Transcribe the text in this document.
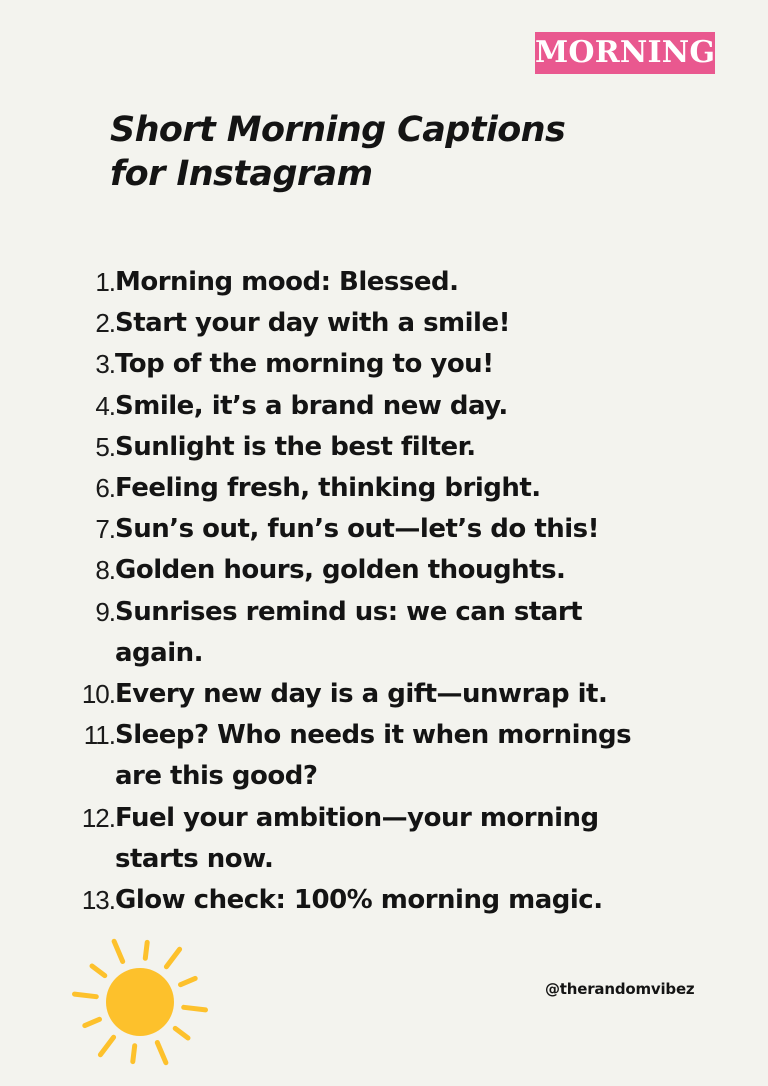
MORNING
Short Morning Captions
for Instagram
1. Morning mood: Blessed.
2. Start your day with a smile!
3. Top of the morning to you!
4. Smile, it’s a brand new day.
5. Sunlight is the best filter.
6. Feeling fresh, thinking bright.
7. Sun’s out, fun’s out—let’s do this!
8. Golden hours, golden thoughts.
9. Sunrises remind us: we can start
again.
10. Every new day is a gift—unwrap it.
11. Sleep? Who needs it when mornings
are this good?
12. Fuel your ambition—your morning
starts now.
13. Glow check: 100% morning magic.
@therandomvibez
